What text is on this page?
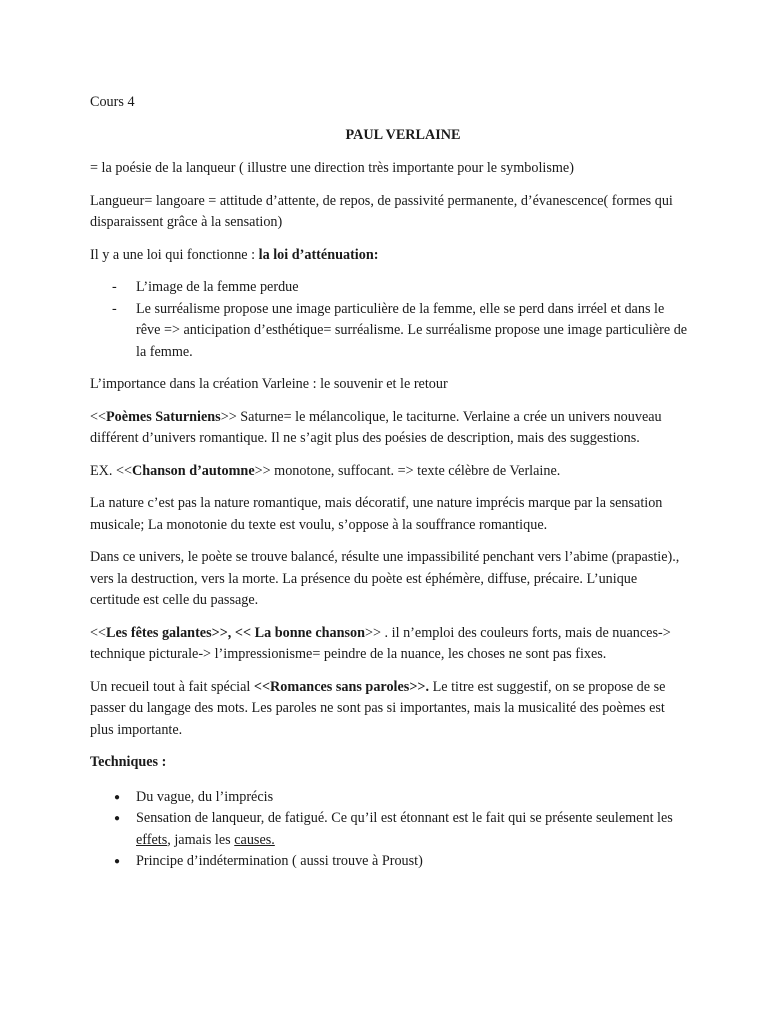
Cours 4

PAUL VERLAINE

= la poésie de la lanqueur ( illustre une direction très importante pour le symbolisme)

Langueur= langoare = attitude d’attente, de repos, de passivité permanente, d’évanescence( formes qui disparaissent grâce à la sensation)

Il y a une loi qui fonctionne : la loi d’atténuation:

- L’image de la femme perdue
- Le surréalisme propose une image particulière de la femme, elle se perd dans irréel et dans le rêve => anticipation d’esthétique= surréalisme. Le surréalisme propose une image particulière de la femme.

L’importance dans la création Varleine : le souvenir et le retour

<<Poèmes Saturniens>> Saturne= le mélancolique, le taciturne. Verlaine a crée un univers nouveau différent d’univers romantique. Il ne s’agit plus des poésies de description, mais des suggestions.

EX. <<Chanson d’automne>> monotone, suffocant. => texte célèbre de Verlaine.

La nature c’est pas la nature romantique, mais décoratif, une nature imprécis marque par la sensation musicale; La monotonie du texte est voulu, s’oppose à la souffrance romantique.

Dans ce univers, le poète se trouve balancé, résulte une impassibilité penchant vers l’abime (prapastie)., vers la destruction, vers la morte. La présence du poète est éphémère, diffuse, précaire. L’unique certitude est celle du passage.

<<Les fêtes galantes>>, << La bonne chanson>> . il n’emploi des couleurs forts, mais de nuances-> technique picturale-> l’impressionisme= peindre de la nuance, les choses ne sont pas fixes.

Un recueil tout à fait spécial <<Romances sans paroles>>. Le titre est suggestif, on se propose de se passer du langage des mots. Les paroles ne sont pas si importantes, mais la musicalité des poèmes est plus importante.

Techniques :

● Du vague, du l’imprécis
● Sensation de lanqueur, de fatigué. Ce qu’il est étonnant est le fait qui se présente seulement les effets, jamais les causes.
● Principe d’indétermination ( aussi trouve à Proust)
